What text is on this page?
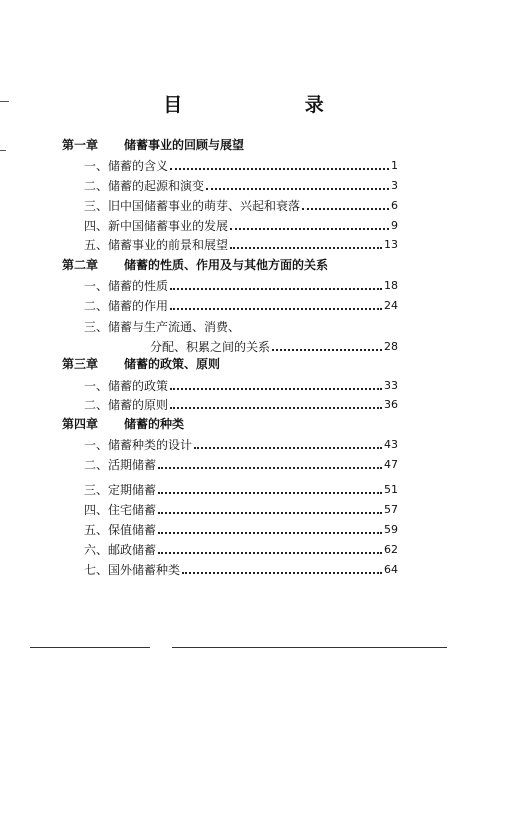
目 录
第一章	储蓄事业的回顾与展望
一、储蓄的含义	1
二、储蓄的起源和演变	3
三、旧中国储蓄事业的萌芽、兴起和衰落	6
四、新中国储蓄事业的发展	9
五、储蓄事业的前景和展望	13
第二章	储蓄的性质、作用及与其他方面的关系
一、储蓄的性质	18
二、储蓄的作用	24
三、储蓄与生产流通、消费、
分配、积累之间的关系	28
第三章	储蓄的政策、原则
一、储蓄的政策	33
二、储蓄的原则	36
第四章	储蓄的种类
一、储蓄种类的设计	43
二、活期储蓄	47
三、定期储蓄	51
四、住宅储蓄	57
五、保值储蓄	59
六、邮政储蓄	62
七、国外储蓄种类	64
